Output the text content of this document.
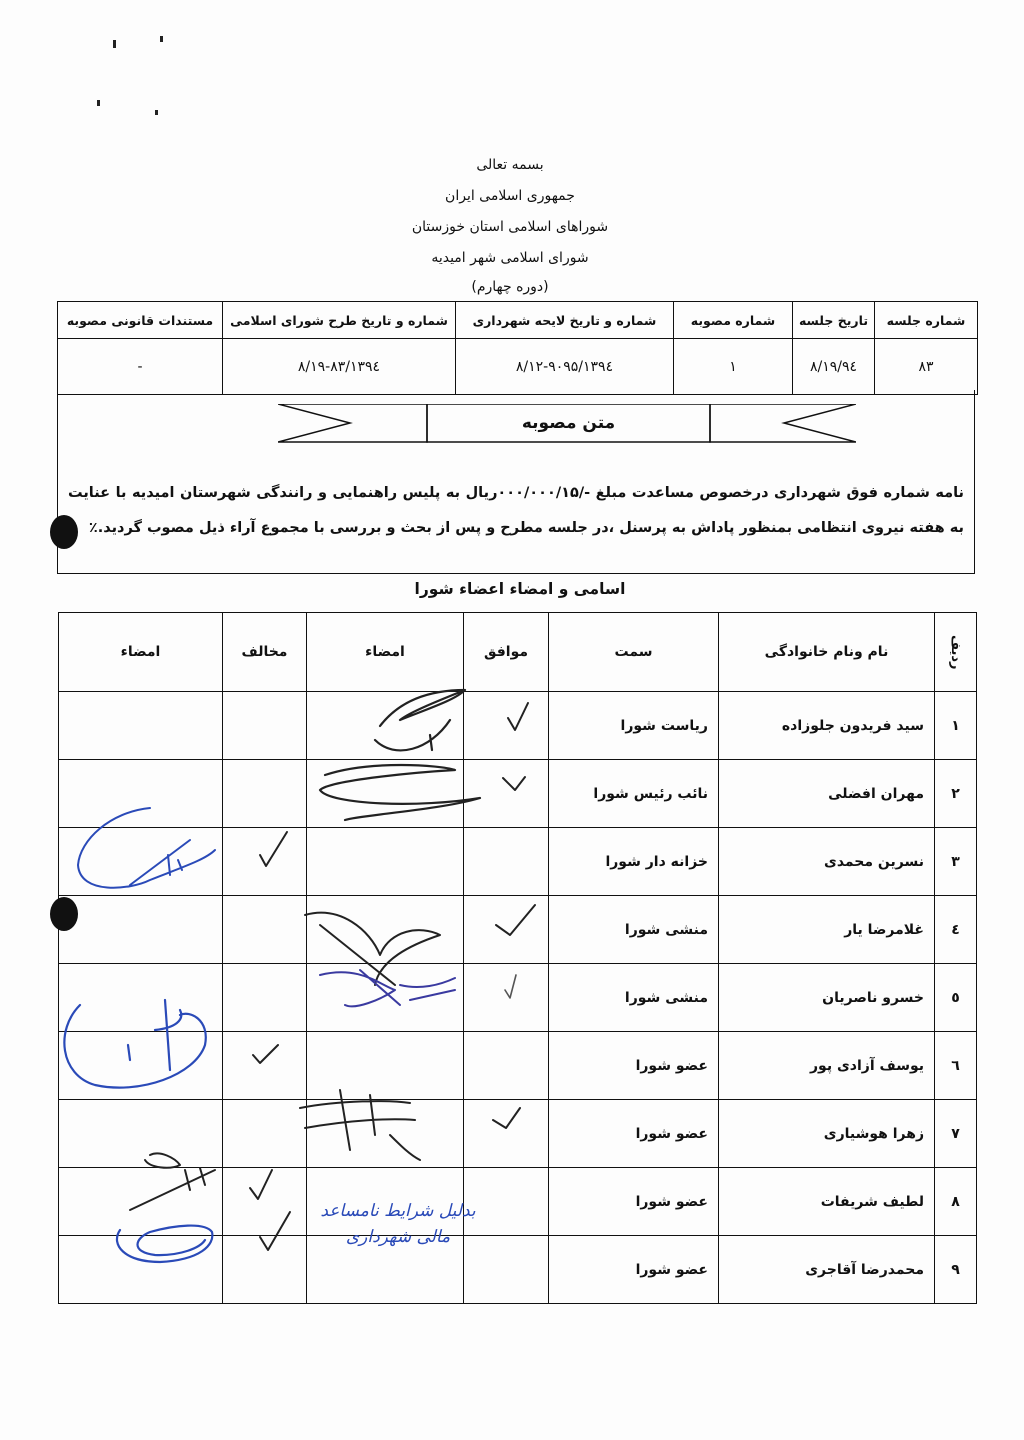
بسمه تعالی
جمهوری اسلامی ایران
شوراهای اسلامی استان خوزستان
شورای اسلامی شهر امیدیه
(دوره چهارم)
شماره جلسه	تاریخ جلسه	شماره مصوبه	شماره و تاریخ لایحه شهرداری	شماره و تاریخ طرح شورای اسلامی	مستندات قانونی مصوبه
۸۳	۹٤/۸/۱۹	۱	۱۳۹٤/۸/۱۲-۹۰۹۵	۱۳۹٤/۸/۱۹-۸۳	-
متن مصوبه
نامه شماره فوق شهرداری درخصوص مساعدت مبلغ -/۰۰۰/۰۰۰/۱۵ریال به پلیس راهنمایی و رانندگی شهرستان امیدیه با عنایت به هفته نیروی انتظامی بمنظور پاداش به پرسنل ،در جلسه مطرح و پس از بحث و بررسی با مجموع آراء ذیل مصوب گردید.٪
اسامی و امضاء اعضاء شورا
ردیف	نام ونام خانوادگی	سمت	موافق	امضاء	مخالف	امضاء
۱	سید فریدون جلوزاده	ریاست شورا				
۲	مهران افضلی	نائب رئیس شورا				
۳	نسرین محمدی	خزانه دار شورا				
٤	غلامرضا یار	منشی شورا				
٥	خسرو ناصریان	منشی شورا				
٦	یوسف آزادی پور	عضو شورا				
۷	زهرا هوشیاری	عضو شورا				
۸	لطیف شریفات	عضو شورا				
۹	محمدرضا آقاجری	عضو شورا				
بدلیل شرایط نامساعد
مالی شهرداری
